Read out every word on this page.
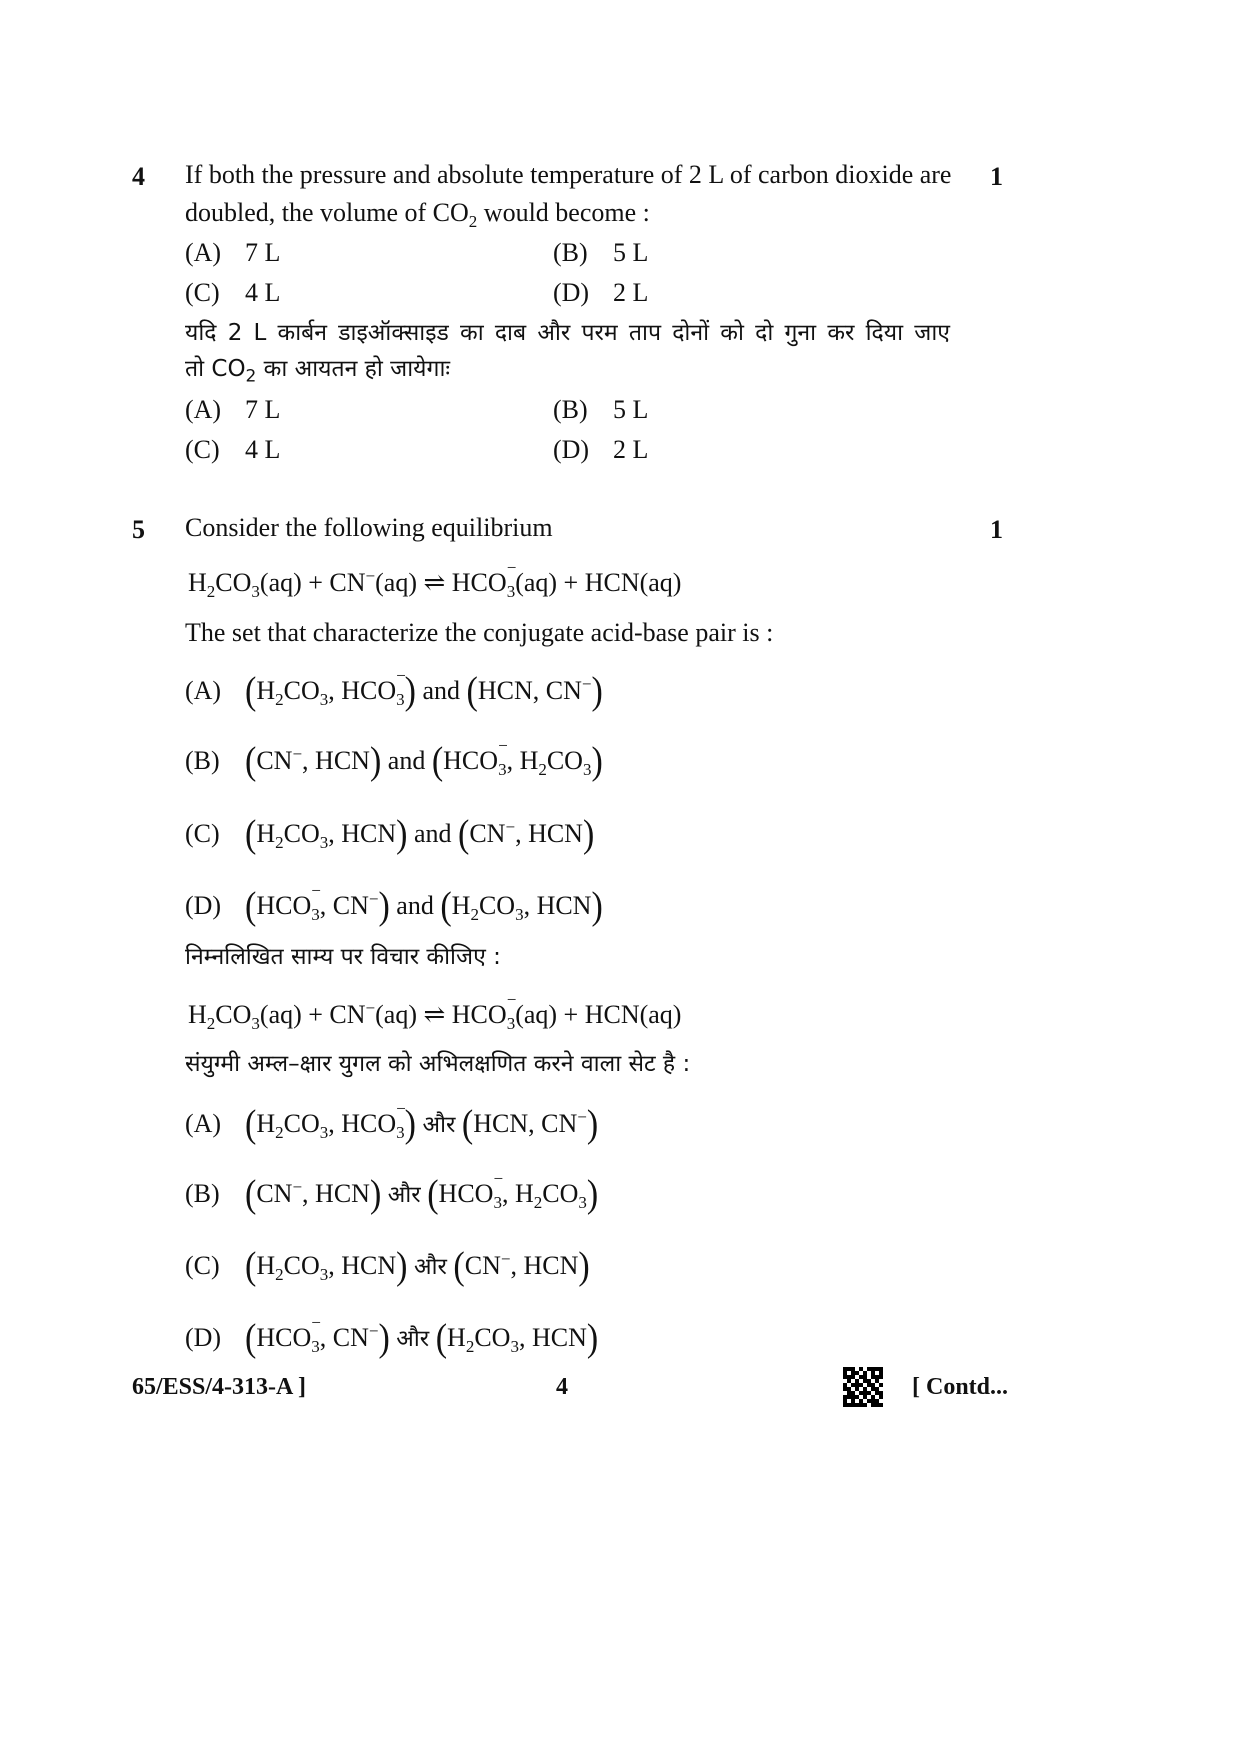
4	1
If both the pressure and absolute temperature of 2 L of carbon dioxide are
doubled, the volume of $CO_2$ would become :
(A) 7 L	(B) 5 L
(C) 4 L	(D) 2 L
यदि 2 L कार्बन डाइऑक्साइड का दाब और परम ताप दोनों को दो गुना कर दिया जाए
तो $CO_2$ का आयतन हो जायेगाः
(A) 7 L	(B) 5 L
(C) 4 L	(D) 2 L
5	1
Consider the following equilibrium
$H_2CO_3(aq) + CN^-(aq)$ ⇌ HCO
−
$_3$(aq) + HCN(aq)
The set that characterize the conjugate acid-base pair is :
(A) ($H_2CO_3$, HCO
−
$_3$) and (HCN, CN−)
(B) (CN−, HCN) and (HCO
−
$_3$, $H_2CO_3$)
(C) ($H_2CO_3$, HCN) and (CN−, HCN)
(D) (HCO
−
$_3$, CN−) and ($H_2CO_3$, HCN)
निम्नलिखित साम्य पर विचार कीजिए :
$H_2CO_3(aq) + CN^-(aq)$ ⇌ HCO
−
$_3$(aq) + HCN(aq)
संयुग्मी अम्ल–क्षार युगल को अभिलक्षणित करने वाला सेट है :
(A) ($H_2CO_3$, HCO
−
$_3$) और (HCN, CN−)
(B) (CN−, HCN) और (HCO
−
$_3$, $H_2CO_3$)
(C) ($H_2CO_3$, HCN) और (CN−, HCN)
(D) (HCO
−
$_3$, CN−) और ($H_2CO_3$, HCN)
65/ESS/4-313-A ]	4	[ Contd...
